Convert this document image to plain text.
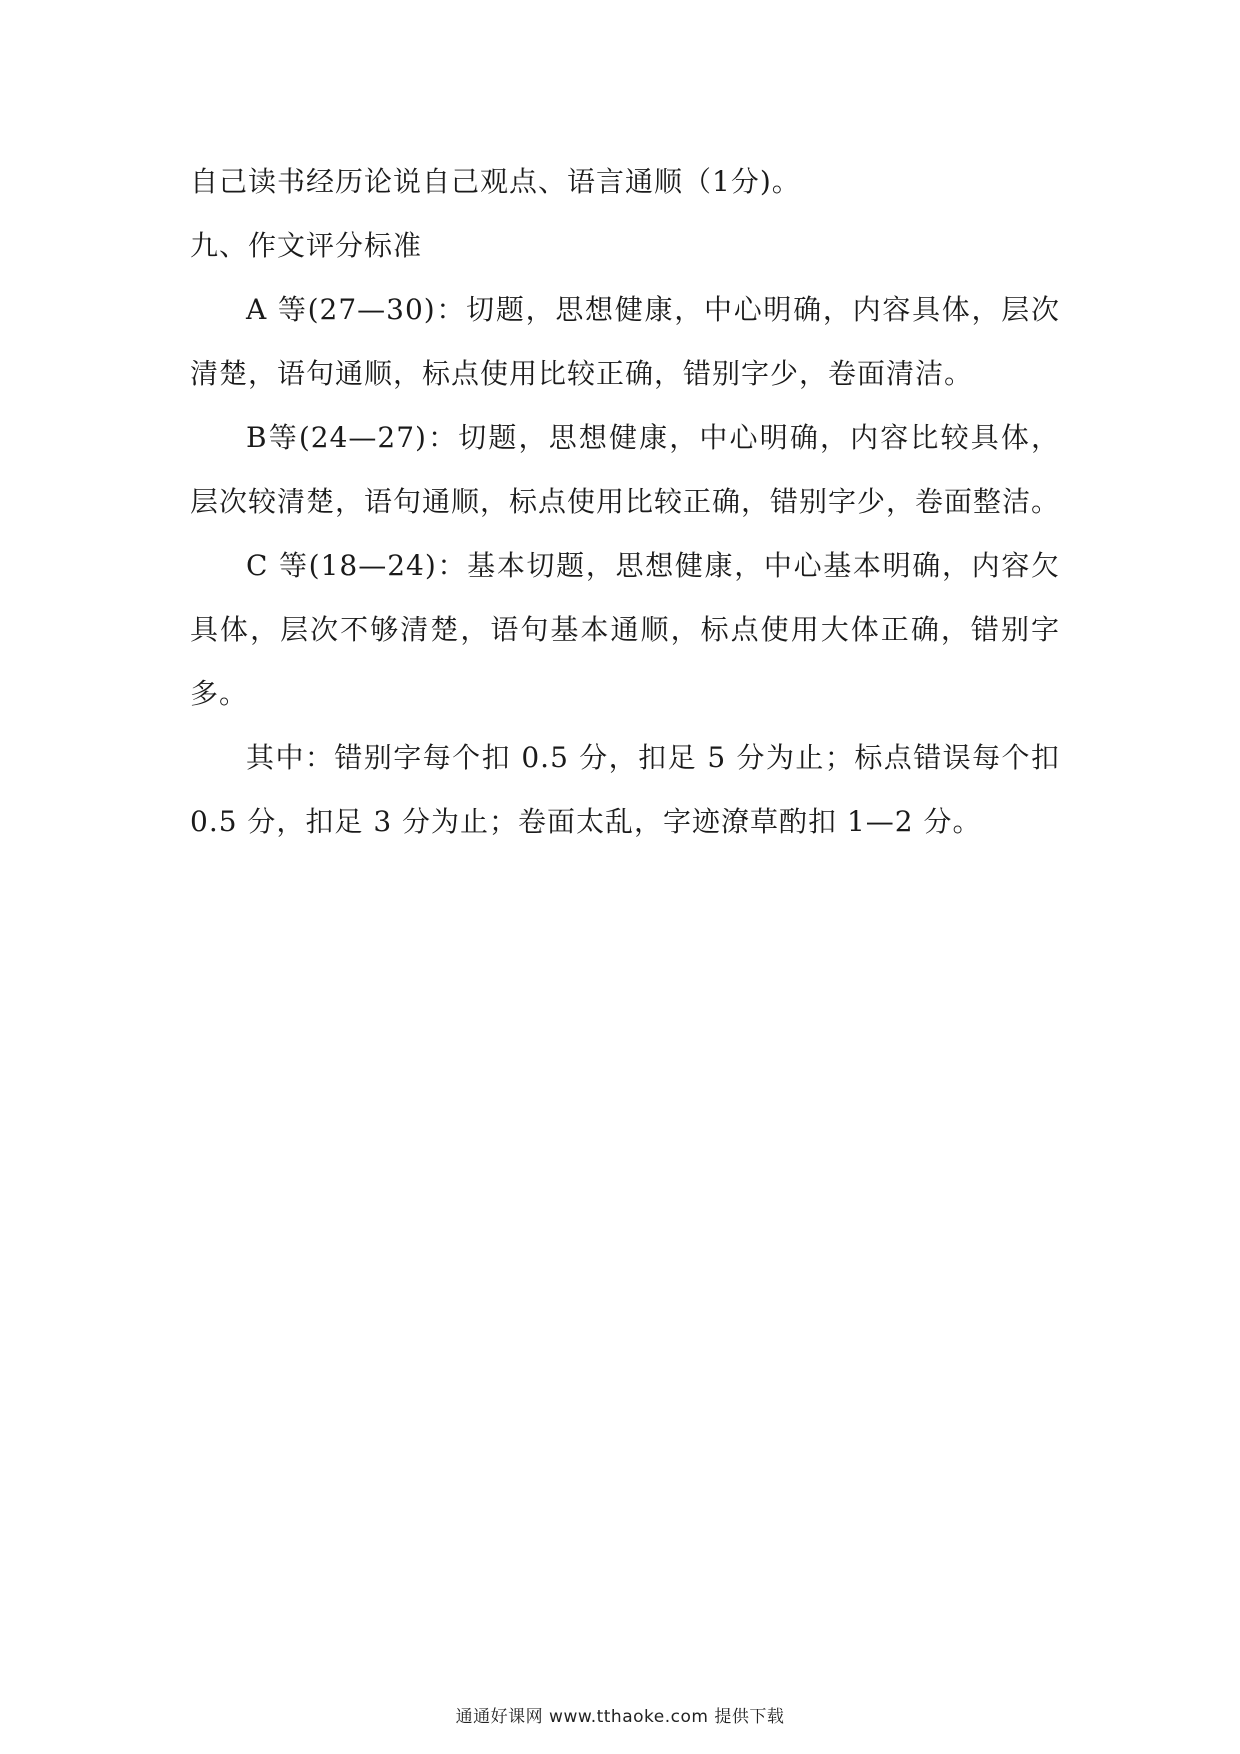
自己读书经历论说自己观点、语言通顺（1分)。

九、作文评分标准

A 等(27—30)：切题，思想健康，中心明确，内容具体，层次清楚，语句通顺，标点使用比较正确，错别字少，卷面清洁。

B等(24—27)：切题，思想健康，中心明确，内容比较具体，层次较清楚，语句通顺，标点使用比较正确，错别字少，卷面整洁。

C 等(18—24)：基本切题，思想健康，中心基本明确，内容欠具体，层次不够清楚，语句基本通顺，标点使用大体正确，错别字多。

其中：错别字每个扣 0.5 分，扣足 5 分为止；标点错误每个扣 0.5 分，扣足 3 分为止；卷面太乱，字迹潦草酌扣 1—2 分。

通通好课网 www.tthaoke.com 提供下载
